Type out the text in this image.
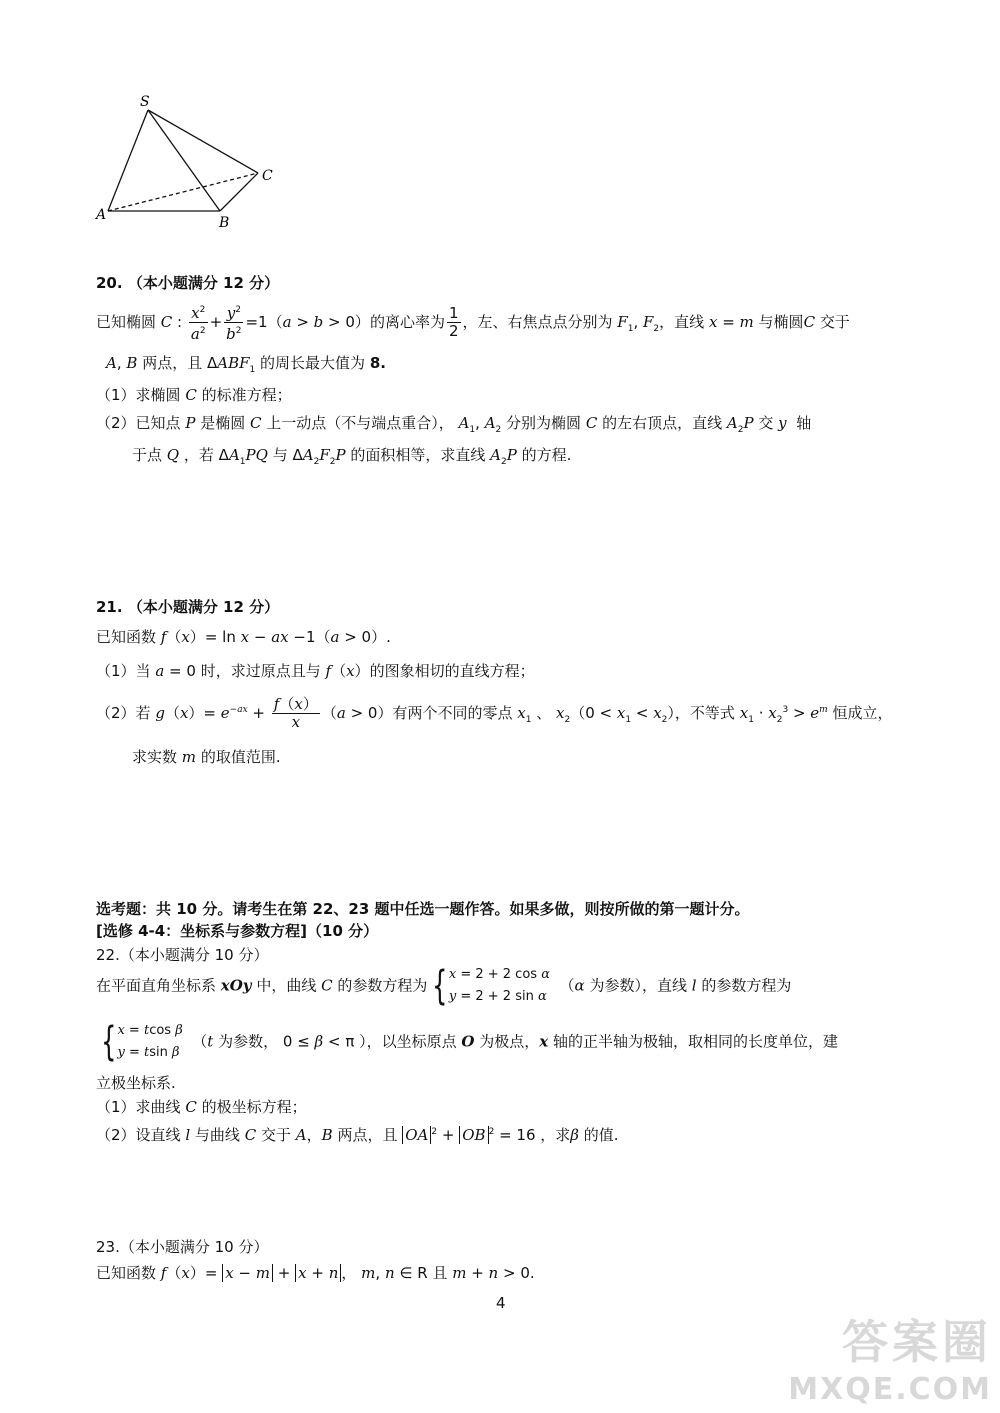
S
A	B
C
20. （本小题满分 12 分）
已知椭圆 C : $\frac{x^2}{a^2} + \frac{y^2}{b^2} =1(a > b > 0)$的离心率为 $\frac{1}{2}$ ，左、右焦点点分别为 $F_1$, $F_2$，直线 x = m 与椭圆C 交于
A, B 两点，且 $\Delta ABF_1$ 的周长最大值为 8.
（1）求椭圆 C 的标准方程；
（2）已知点 P 是椭圆 C 上一动点（不与端点重合）， $A_1$, $A_2$ 分别为椭圆 C 的左右顶点，直线 $A_2P$ 交 y 轴
于点 Q ，若 $\Delta A_1PQ$ 与 $\Delta A_2F_2P$ 的面积相等，求直线 $A_2P$ 的方程.
21. （本小题满分 12 分）
已知函数 f（x）= ln x − ax −1（a > 0）.
（1）当 a = 0 时，求过原点且与 f（x）的图象相切的直线方程；
（2）若 $g(x)= e^{-ax} + \frac{f(x)}{x} (a > 0)$有两个不同的零点 $x_1$ 、 $x_2(0 < x_1 < x_2)$，不等式 $x_1 \cdot x_2^3 > e^m$ 恒成立，
求实数 m 的取值范围.
选考题：共 10 分。请考生在第 22、23 题中任选一题作答。如果多做，则按所做的第一题计分。
[选修 4-4：坐标系与参数方程]（10 分）
22.（本小题满分 10 分）
在平面直角坐标系 xOy 中，曲线 C 的参数方程为 {x = 2 + 2 cos α
y = 2 + 2 sin α  （α 为参数），直线 l 的参数方程为
{x = tcos β
y = tsin β  （t 为参数， 0 ≤ β < π ），以坐标原点 O 为极点，x 轴的正半轴为极轴，取相同的长度单位，建
立极坐标系.
（1）求曲线 C 的极坐标方程；
（2）设直线 l 与曲线 C 交于 A，B 两点，且 OA $^2$ + OB $^2$ = 16 ，求β 的值.
23.（本小题满分 10 分）
已知函数 f（x）= x − m + x + n ， m, n ∈ R 且 m + n > 0.
4
答案圈
MXQE.COM
